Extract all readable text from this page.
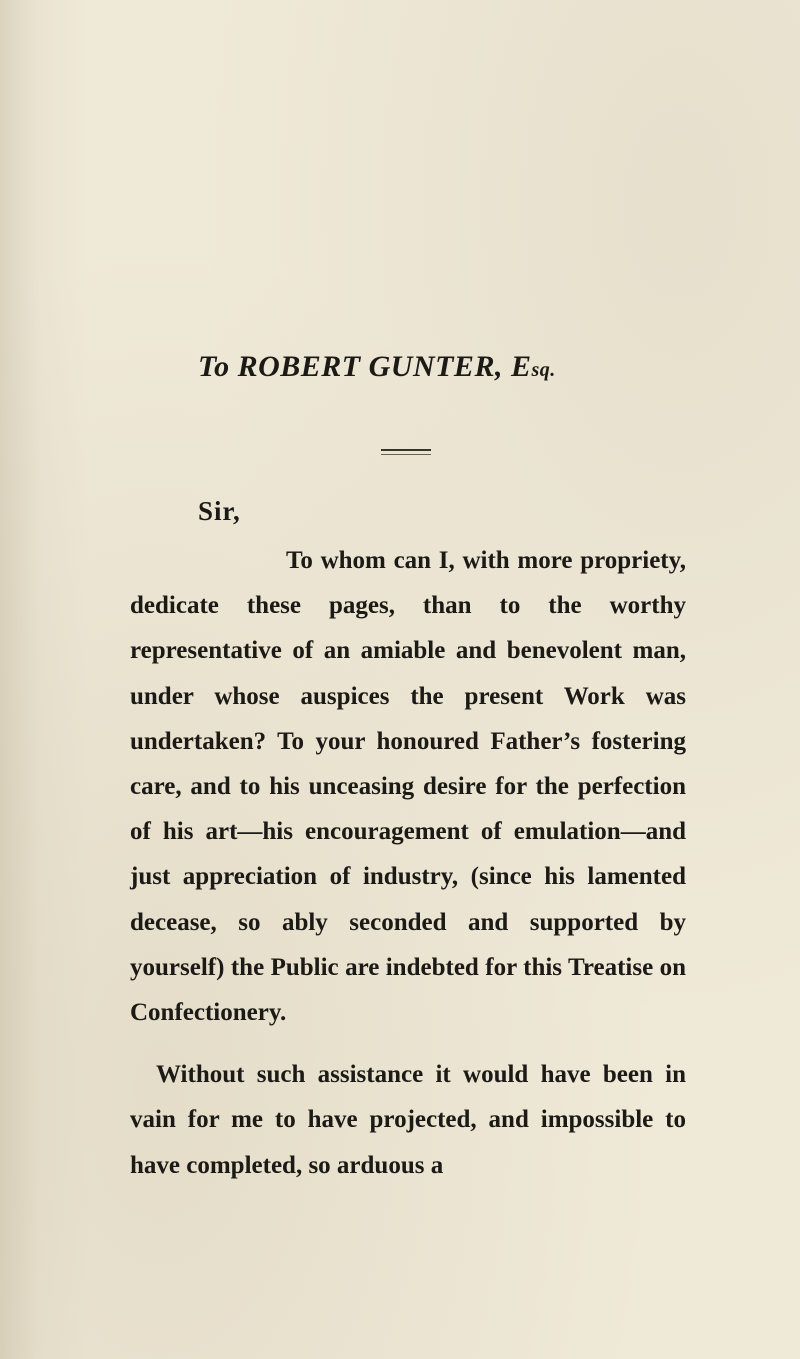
To ROBERT GUNTER, Esq.
Sir,

To whom can I, with more propriety, dedicate these pages, than to the worthy representative of an amiable and benevolent man, under whose auspices the present Work was undertaken? To your honoured Father’s fostering care, and to his unceasing desire for the perfection of his art—his encouragement of emulation—and just appreciation of industry, (since his lamented decease, so ably seconded and supported by yourself) the Public are indebted for this Treatise on Confectionery.

Without such assistance it would have been in vain for me to have projected, and impossible to have completed, so arduous a
